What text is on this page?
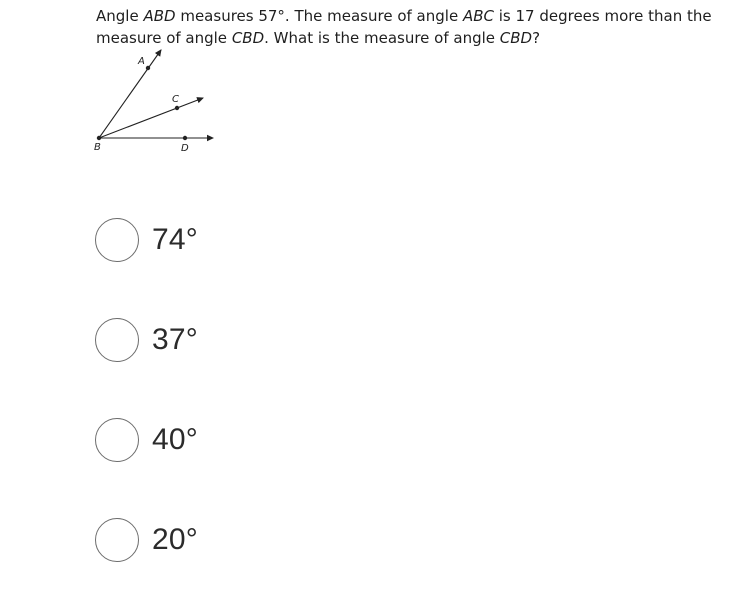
Angle ABD measures 57°. The measure of angle ABC is 17 degrees more than the measure of angle CBD. What is the measure of angle CBD?
A
B
C
D
74°
37°
40°
20°
